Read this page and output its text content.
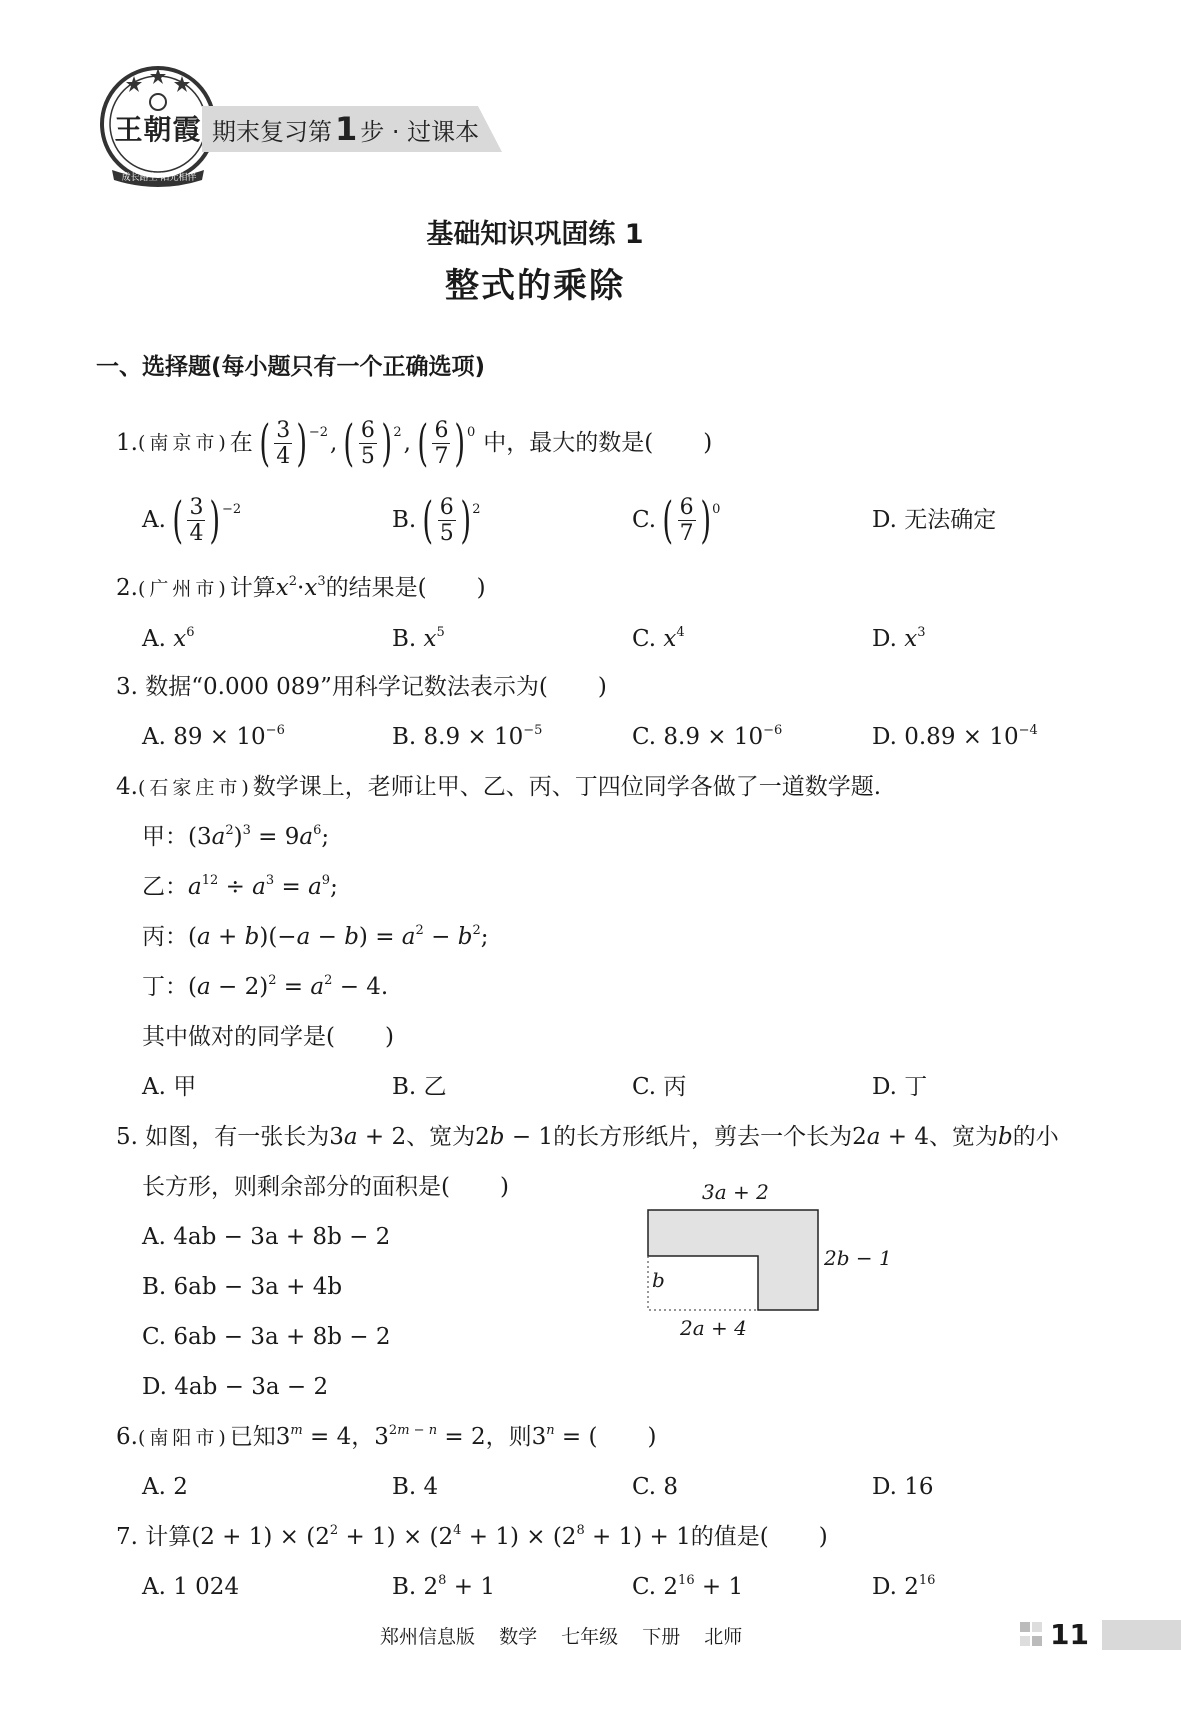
王朝霞
成长路上 阳光相伴
期末复习第1 步 · 过课本
基础知识巩固练 1
整式的乘除
一、选择题(每小题只有一个正确选项)
1. (南京市) 在 ( 3
4 ) −2 , ( 6
5 ) 2 , ( 6
7 ) 0 中，最大的数是( )
A. ( 3
4 ) −2	B. ( 6
5 ) 2	C. ( 6
7 ) 0	D. 无法确定
2.(广州市)计算$x^2\cdot x^3$的结果是( )
A. $x^6$	B. $x^5$	C. $x^4$	D. $x^3$
3. 数据“0.000 089”用科学记数法表示为( )
A. $89 \times 10^{-6}$	B. $8.9 \times 10^{-5}$	C. $8.9 \times 10^{-6}$	D. $0.89 \times 10^{-4}$
4.(石家庄市)数学课上，老师让甲、乙、丙、丁四位同学各做了一道数学题.
甲：$(3a^2)^3 = 9a^6$;
乙：$a^{12} \div a^3 = a^9$;
丙：$(a + b)(-a - b) = a^2 - b^2$;
丁：$(a - 2)^2 = a^2 - 4$.
其中做对的同学是( )
A. 甲	B. 乙	C. 丙	D. 丁
5. 如图，有一张长为3a + 2、宽为2b − 1的长方形纸片，剪去一个长为2a + 4、宽为b的小
长方形，则剩余部分的面积是( )
A. 4ab − 3a + 8b − 2
B. 6ab − 3a + 4b
C. 6ab − 3a + 8b − 2
D. 4ab − 3a − 2
3a + 2
2b − 1
b
2a + 4
6.(南阳市)已知$3^m = 4$，$3^{2m - n} = 2$，则$3^n$ = ( )
A. 2	B. 4	C. 8	D. 16
7. 计算$(2 + 1) \times (2^2 + 1) \times (2^4 + 1) \times (2^8 + 1) + 1$的值是( )
A. 1 024	B. $2^8 + 1$	C. $2^{16} + 1$	D. $2^{16}$
郑州信息版 数学 七年级 下册 北师	11
